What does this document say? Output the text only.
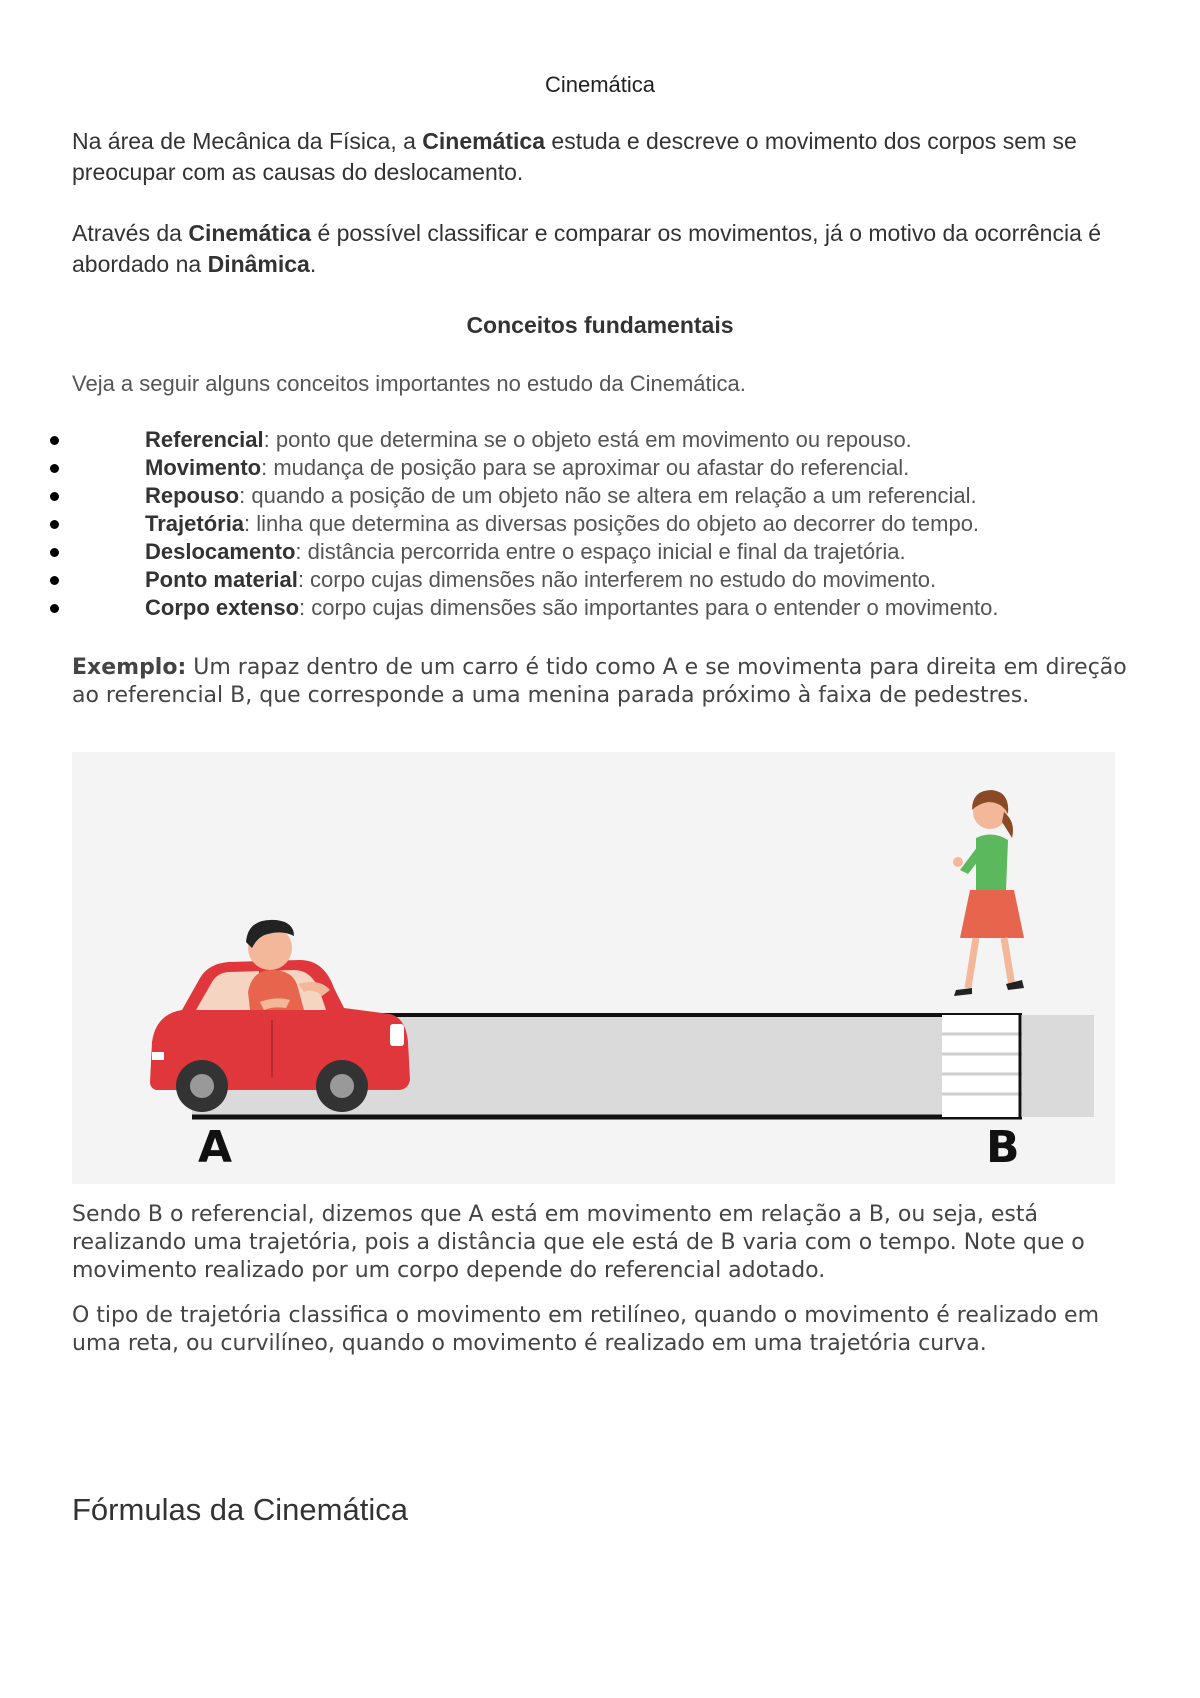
Cinemática

Na área de Mecânica da Física, a Cinemática estuda e descreve o movimento dos corpos sem se preocupar com as causas do deslocamento.

Através da Cinemática é possível classificar e comparar os movimentos, já o motivo da ocorrência é abordado na Dinâmica.

Conceitos fundamentais
Veja a seguir alguns conceitos importantes no estudo da Cinemática.
Referencial: ponto que determina se o objeto está em movimento ou repouso.
Movimento: mudança de posição para se aproximar ou afastar do referencial.
Repouso: quando a posição de um objeto não se altera em relação a um referencial.
Trajetória: linha que determina as diversas posições do objeto ao decorrer do tempo.
Deslocamento: distância percorrida entre o espaço inicial e final da trajetória.
Ponto material: corpo cujas dimensões não interferem no estudo do movimento.
Corpo extenso: corpo cujas dimensões são importantes para o entender o movimento.

Exemplo: Um rapaz dentro de um carro é tido como A e se movimenta para direita em direção ao referencial B, que corresponde a uma menina parada próximo à faixa de pedestres.

A	B

Sendo B o referencial, dizemos que A está em movimento em relação a B, ou seja, está realizando uma trajetória, pois a distância que ele está de B varia com o tempo. Note que o movimento realizado por um corpo depende do referencial adotado.

O tipo de trajetória classifica o movimento em retilíneo, quando o movimento é realizado em uma reta, ou curvilíneo, quando o movimento é realizado em uma trajetória curva.

Fórmulas da Cinemática
